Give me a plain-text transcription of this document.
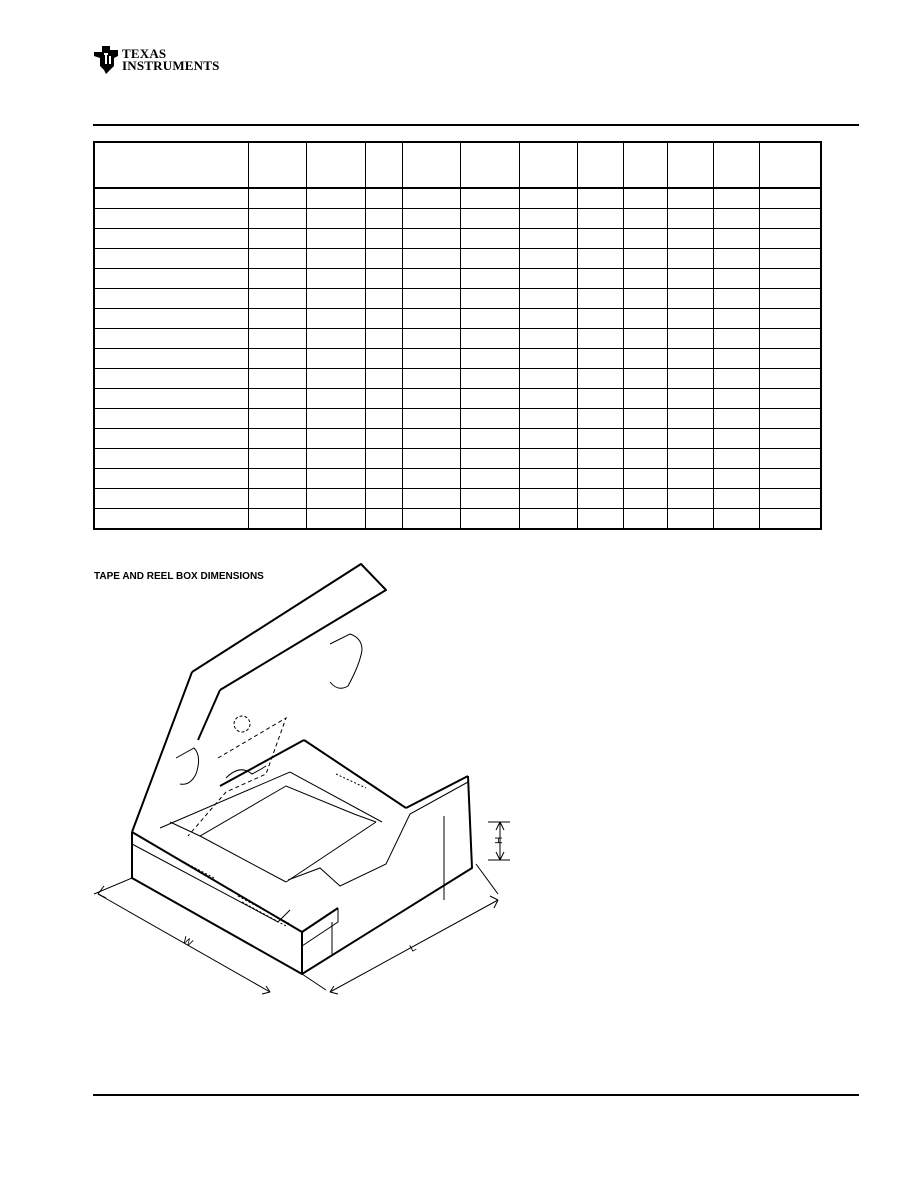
TEXAS
INSTRUMENTS

TAPE AND REEL BOX DIMENSIONS
W	L
H
